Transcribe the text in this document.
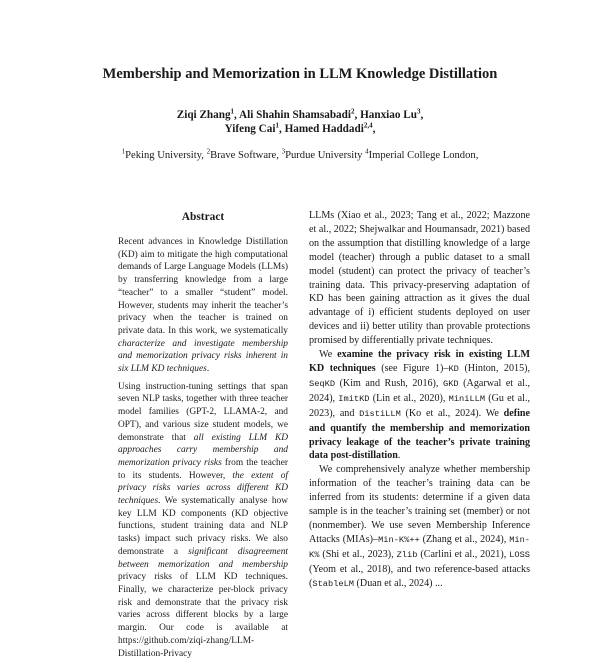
Membership and Memorization in LLM Knowledge Distillation
Ziqi Zhang$^1$, Ali Shahin Shamsabadi$^2$, Hanxiao Lu$^3$,
Yifeng Cai$^1$, Hamed Haddadi$^{2,4}$,
$^1$Peking University, $^2$Brave Software, $^3$Purdue University $^4$Imperial College London,
Abstract

Recent advances in Knowledge Distillation (KD) aim to mitigate the high computational demands of Large Language Models (LLMs) by transferring knowledge from a large “teacher” to a smaller “student” model. However, students may inherit the teacher’s privacy when the teacher is trained on private data. In this work, we systematically characterize and investigate membership and memorization privacy risks inherent in six LLM KD techniques.

Using instruction-tuning settings that span seven NLP tasks, together with three teacher model families (GPT-2, LLAMA-2, and OPT), and various size student models, we demonstrate that all existing LLM KD approaches carry membership and memorization privacy risks from the teacher to its students. However, the extent of privacy risks varies across different KD techniques. We systematically analyse how key LLM KD components (KD objective functions, student training data and NLP tasks) impact such privacy risks. We also demonstrate a significant disagreement between memorization and membership privacy risks of LLM KD techniques. Finally, we characterize per-block privacy risk and demonstrate that the privacy risk varies across different blocks by a large margin. Our code is available at https://github.com/ziqi-zhang/LLM-Distillation-Privacy

LLMs (Xiao et al., 2023; Tang et al., 2022; Mazzone et al., 2022; Shejwalkar and Houmansadr, 2021) based on the assumption that distilling knowledge of a large model (teacher) through a public dataset to a small model (student) can protect the privacy of teacher’s training data. This privacy-preserving adaptation of KD has been gaining attraction as it gives the dual advantage of i) efficient students deployed on user devices and ii) better utility than provable protections promised by differentially private techniques.

We examine the privacy risk in existing LLM KD techniques (see Figure 1)–KD (Hinton, 2015), SeqKD (Kim and Rush, 2016), GKD (Agarwal et al., 2024), ImitKD (Lin et al., 2020), MiniLLM (Gu et al., 2023), and DistiLLM (Ko et al., 2024). We define and quantify the membership and memorization privacy leakage of the teacher’s private training data post-distillation.

We comprehensively analyze whether membership information of the teacher’s training data can be inferred from its students: determine if a given data sample is in the teacher’s training set (member) or not (nonmember). We use seven Membership Inference Attacks (MIAs)–Min-K%++ (Zhang et al., 2024), Min-K% (Shi et al., 2023), Zlib (Carlini et al., 2021), LOSS (Yeom et al., 2018), and two reference-based attacks (StableLM (Duan et al., 2024) ...
